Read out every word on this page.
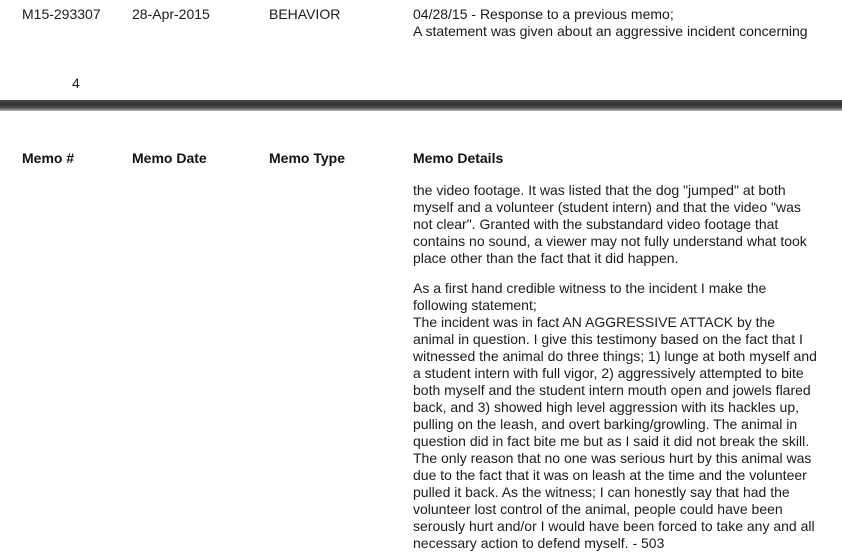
M15-293307 28-Apr-2015	BEHAVIOR	04/28/15 - Response to a previous memo;
A statement was given about an aggressive incident concerning
4
Memo #	Memo Date	Memo Type	Memo Details
the video footage. It was listed that the dog "jumped" at both
myself and a volunteer (student intern) and that the video "was
not clear". Granted with the substandard video footage that
contains no sound, a viewer may not fully understand what took
place other than the fact that it did happen.
As a first hand credible witness to the incident I make the
following statement;
The incident was in fact AN AGGRESSIVE ATTACK by the
animal in question. I give this testimony based on the fact that I
witnessed the animal do three things; 1) lunge at both myself and
a student intern with full vigor, 2) aggressively attempted to bite
both myself and the student intern mouth open and jowels flared
back, and 3) showed high level aggression with its hackles up,
pulling on the leash, and overt barking/growling. The animal in
question did in fact bite me but as I said it did not break the skill.
The only reason that no one was serious hurt by this animal was
due to the fact that it was on leash at the time and the volunteer
pulled it back. As the witness; I can honestly say that had the
volunteer lost control of the animal, people could have been
serously hurt and/or I would have been forced to take any and all
necessary action to defend myself. - 503
